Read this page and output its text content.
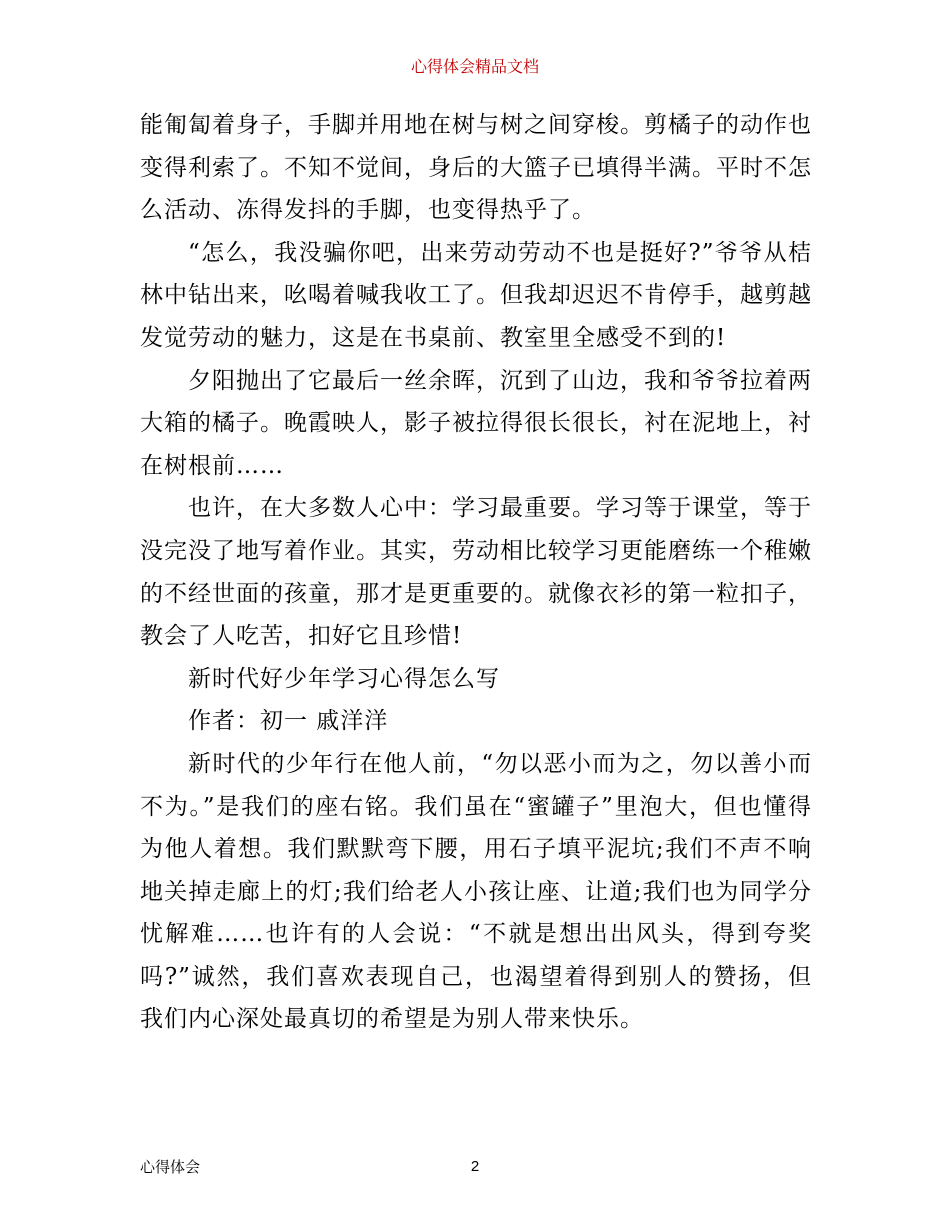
心得体会精品文档

能匍匐着身子，手脚并用地在树与树之间穿梭。剪橘子的动作也变得利索了。不知不觉间，身后的大篮子已填得半满。平时不怎么活动、冻得发抖的手脚，也变得热乎了。

“怎么，我没骗你吧，出来劳动劳动不也是挺好?”爷爷从桔林中钻出来，吆喝着喊我收工了。但我却迟迟不肯停手，越剪越发觉劳动的魅力，这是在书桌前、教室里全感受不到的!

夕阳抛出了它最后一丝余晖，沉到了山边，我和爷爷拉着两大箱的橘子。晚霞映人，影子被拉得很长很长，衬在泥地上，衬在树根前……

也许，在大多数人心中：学习最重要。学习等于课堂，等于没完没了地写着作业。其实，劳动相比较学习更能磨练一个稚嫩的不经世面的孩童，那才是更重要的。就像衣衫的第一粒扣子，教会了人吃苦，扣好它且珍惜!

新时代好少年学习心得怎么写

作者：初一 戚洋洋

新时代的少年行在他人前，“勿以恶小而为之，勿以善小而不为。”是我们的座右铭。我们虽在“蜜罐子”里泡大，但也懂得为他人着想。我们默默弯下腰，用石子填平泥坑;我们不声不响地关掉走廊上的灯;我们给老人小孩让座、让道;我们也为同学分忧解难……也许有的人会说：“不就是想出出风头，得到夸奖吗?”诚然，我们喜欢表现自己，也渴望着得到别人的赞扬，但我们内心深处最真切的希望是为别人带来快乐。

心得体会	2
